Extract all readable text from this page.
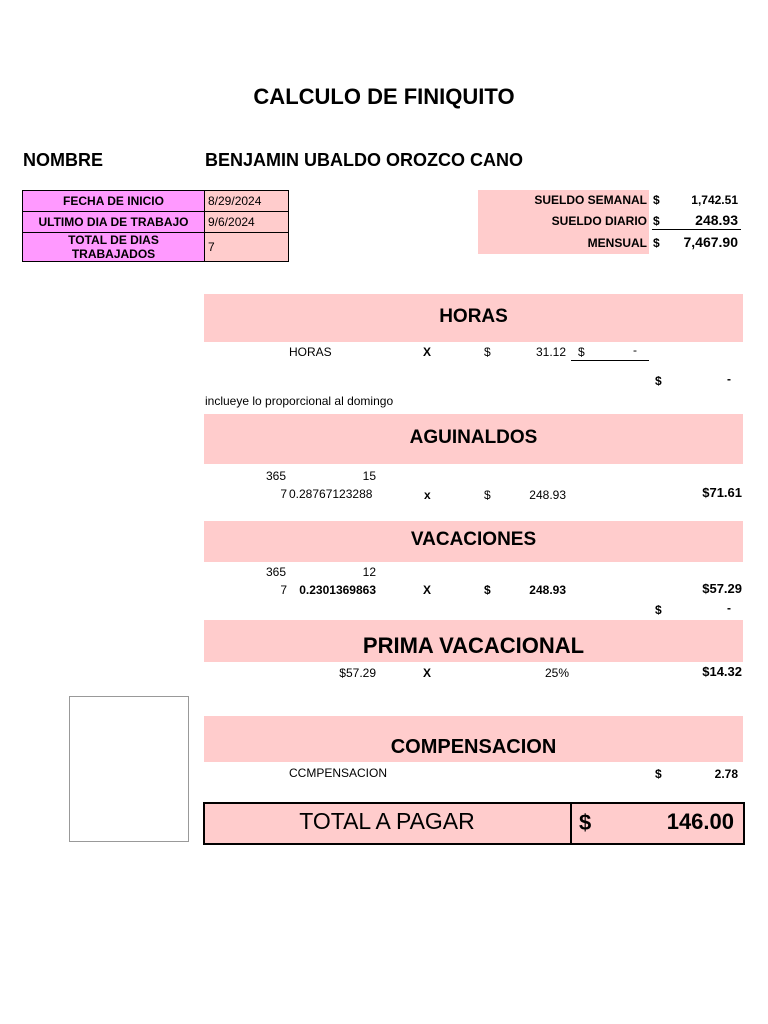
CALCULO DE FINIQUITO
NOMBRE	BENJAMIN UBALDO OROZCO CANO
FECHA DE INICIO	8/29/2024
ULTIMO DIA DE TRABAJO	9/6/2024
TOTAL DE DIAS TRABAJADOS	7
SUELDO SEMANAL $	1,742.51
SUELDO DIARIO $	248.93
MENSUAL $	7,467.90
HORAS
HORAS	X	$	31.12 $	-
$	-
inclueye lo proporcional al domingo
AGUINALDOS
365	15
7 0.28767123288	x	$	248.93	$71.61
VACACIONES
365	12
7	0.2301369863	X	$	248.93	$57.29
$	-
PRIMA VACACIONAL
$57.29	X	25%	$14.32
COMPENSACION
CCMPENSACION	$	2.78
TOTAL A PAGAR	$	146.00
